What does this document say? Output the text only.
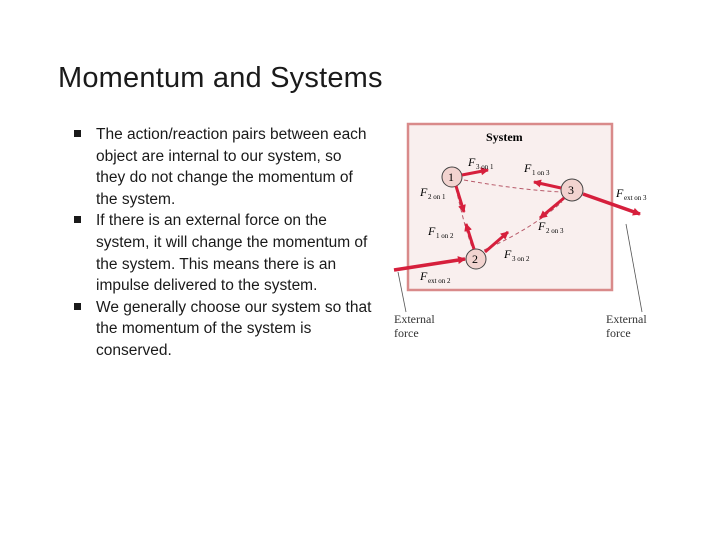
Momentum and Systems
The action/reaction pairs between each object are internal to our system, so they do not change the momentum of the system.
If there is an external force on the system, it will change the momentum of the system. This means there is an impulse delivered to the system.
We generally choose our system so that the momentum of the system is conserved.
System
1
2
3
F 3 on 1	F 1 on 3
F 2 on 1
F 1 on 2
F 2 on 3
F 3 on 2
F ext on 3
F ext on 2
External
force
External
force
